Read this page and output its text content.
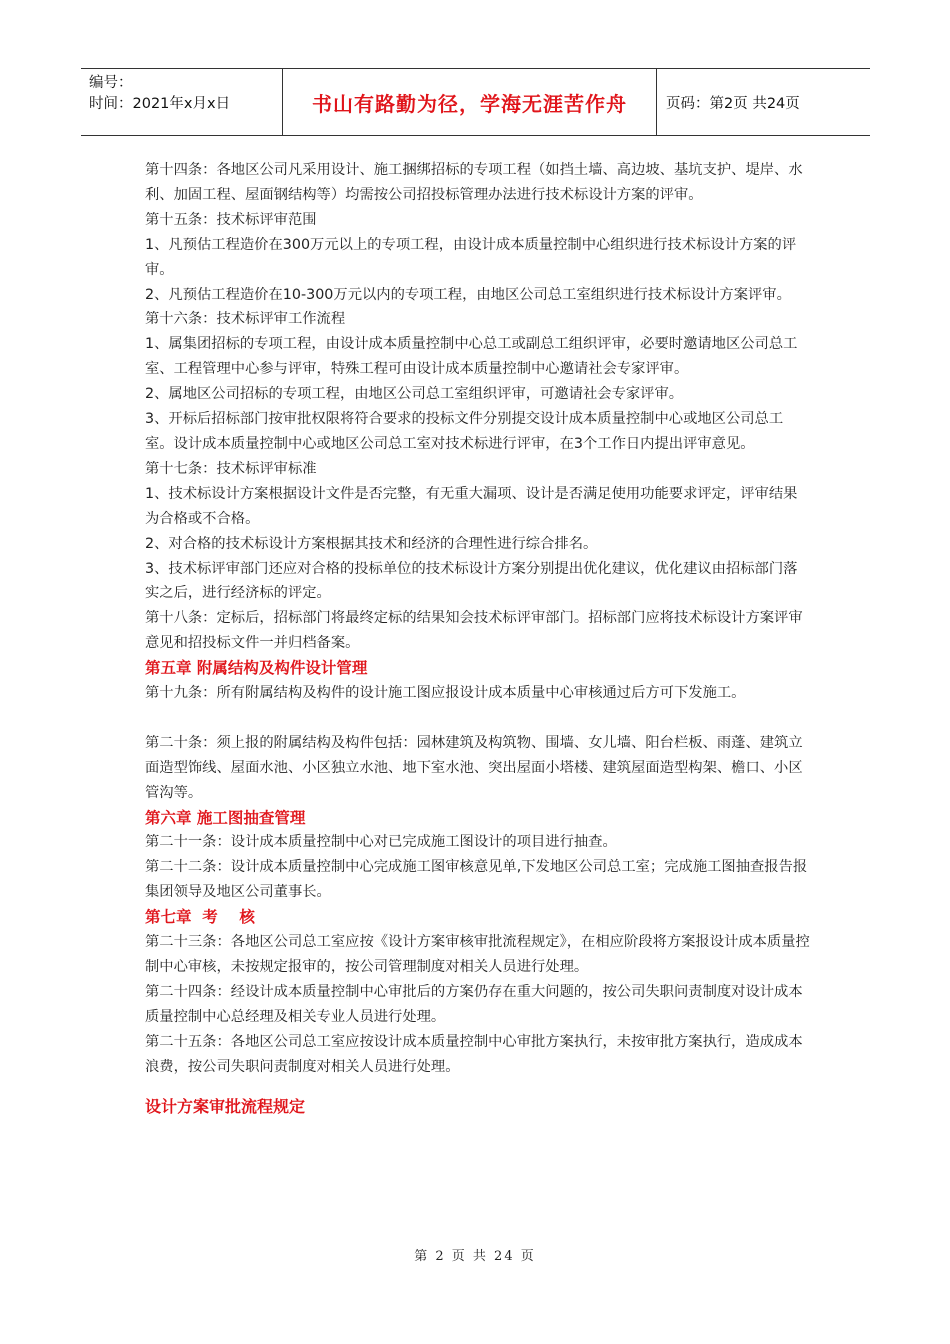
编号：
时间：2021年x月x日	书山有路勤为径，学海无涯苦作舟	页码：第2页 共24页

第十四条：各地区公司凡采用设计、施工捆绑招标的专项工程（如挡土墙、高边坡、基坑支护、堤岸、水利、加固工程、屋面钢结构等）均需按公司招投标管理办法进行技术标设计方案的评审。

第十五条：技术标评审范围

1、凡预估工程造价在300万元以上的专项工程，由设计成本质量控制中心组织进行技术标设计方案的评审。

2、凡预估工程造价在10-300万元以内的专项工程，由地区公司总工室组织进行技术标设计方案评审。

第十六条：技术标评审工作流程

1、属集团招标的专项工程，由设计成本质量控制中心总工或副总工组织评审，必要时邀请地区公司总工室、工程管理中心参与评审，特殊工程可由设计成本质量控制中心邀请社会专家评审。

2、属地区公司招标的专项工程，由地区公司总工室组织评审，可邀请社会专家评审。

3、开标后招标部门按审批权限将符合要求的投标文件分别提交设计成本质量控制中心或地区公司总工室。设计成本质量控制中心或地区公司总工室对技术标进行评审，在3个工作日内提出评审意见。

第十七条：技术标评审标准

1、技术标设计方案根据设计文件是否完整，有无重大漏项、设计是否满足使用功能要求评定，评审结果为合格或不合格。

2、对合格的技术标设计方案根据其技术和经济的合理性进行综合排名。

3、技术标评审部门还应对合格的投标单位的技术标设计方案分别提出优化建议，优化建议由招标部门落实之后，进行经济标的评定。

第十八条：定标后，招标部门将最终定标的结果知会技术标评审部门。招标部门应将技术标设计方案评审意见和招投标文件一并归档备案。

第五章 附属结构及构件设计管理

第十九条：所有附属结构及构件的设计施工图应报设计成本质量中心审核通过后方可下发施工。

第二十条：须上报的附属结构及构件包括：园林建筑及构筑物、围墙、女儿墙、阳台栏板、雨蓬、建筑立面造型饰线、屋面水池、小区独立水池、地下室水池、突出屋面小塔楼、建筑屋面造型构架、檐口、小区管沟等。

第六章 施工图抽查管理

第二十一条：设计成本质量控制中心对已完成施工图设计的项目进行抽查。

第二十二条：设计成本质量控制中心完成施工图审核意见单,下发地区公司总工室；完成施工图抽查报告报集团领导及地区公司董事长。

第七章  考    核

第二十三条：各地区公司总工室应按《设计方案审核审批流程规定》，在相应阶段将方案报设计成本质量控制中心审核，未按规定报审的，按公司管理制度对相关人员进行处理。

第二十四条：经设计成本质量控制中心审批后的方案仍存在重大问题的，按公司失职问责制度对设计成本质量控制中心总经理及相关专业人员进行处理。

第二十五条：各地区公司总工室应按设计成本质量控制中心审批方案执行，未按审批方案执行，造成成本浪费，按公司失职问责制度对相关人员进行处理。

设计方案审批流程规定
第 2 页 共 24 页
